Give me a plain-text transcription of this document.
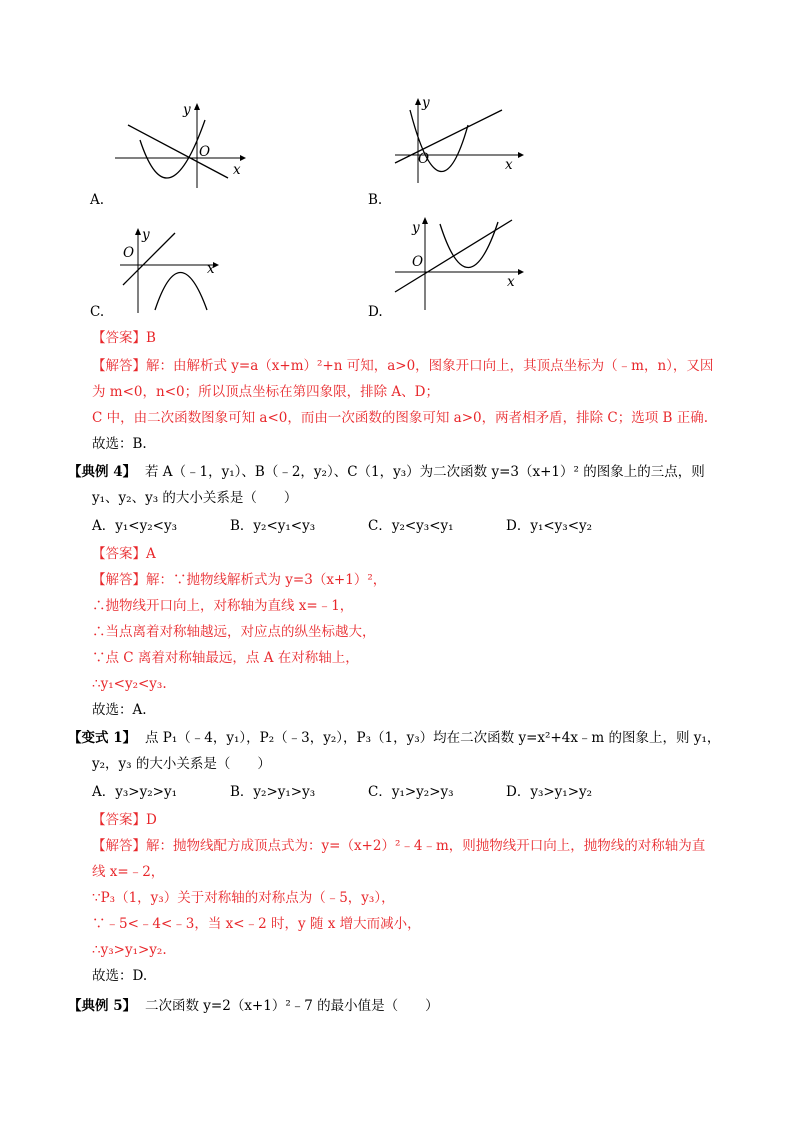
y
x
O
A.
y
x
O
B.
y
x
O
C.
y
x
O
D.
【答案】B
【解答】解：由解析式 y=a（x+m）²+n 可知，a>0，图象开口向上，其顶点坐标为（﹣m，n），又因
为 m<0，n<0；所以顶点坐标在第四象限，排除 A、D；
C 中，由二次函数图象可知 a<0，而由一次函数的图象可知 a>0，两者相矛盾，排除 C；选项 B 正确.
故选：B.
【典例 4】 若 A（﹣1，y₁）、B（﹣2，y₂）、C（1，y₃）为二次函数 y=3（x+1）² 的图象上的三点，则
y₁、y₂、y₃ 的大小关系是（　　）
A．y₁<y₂<y₃	B．y₂<y₁<y₃	C．y₂<y₃<y₁	D．y₁<y₃<y₂
【答案】A
【解答】解：∵抛物线解析式为 y=3（x+1）²，
∴抛物线开口向上，对称轴为直线 x=﹣1，
∴当点离着对称轴越远，对应点的纵坐标越大，
∵点 C 离着对称轴最远，点 A 在对称轴上，
∴y₁<y₂<y₃.
故选：A.
【变式 1】 点 P₁（﹣4，y₁），P₂（﹣3，y₂），P₃（1，y₃）均在二次函数 y=x²+4x﹣m 的图象上，则 y₁，
y₂，y₃ 的大小关系是（　　）
A．y₃>y₂>y₁	B．y₂>y₁>y₃	C．y₁>y₂>y₃	D．y₃>y₁>y₂
【答案】D
【解答】解：抛物线配方成顶点式为：y=（x+2）²﹣4﹣m，则抛物线开口向上，抛物线的对称轴为直
线 x=﹣2，
∵P₃（1，y₃）关于对称轴的对称点为（﹣5，y₃），
∵﹣5<﹣4<﹣3，当 x<﹣2 时，y 随 x 增大而减小，
∴y₃>y₁>y₂.
故选：D.
【典例 5】 二次函数 y=2（x+1）²﹣7 的最小值是（　　）
